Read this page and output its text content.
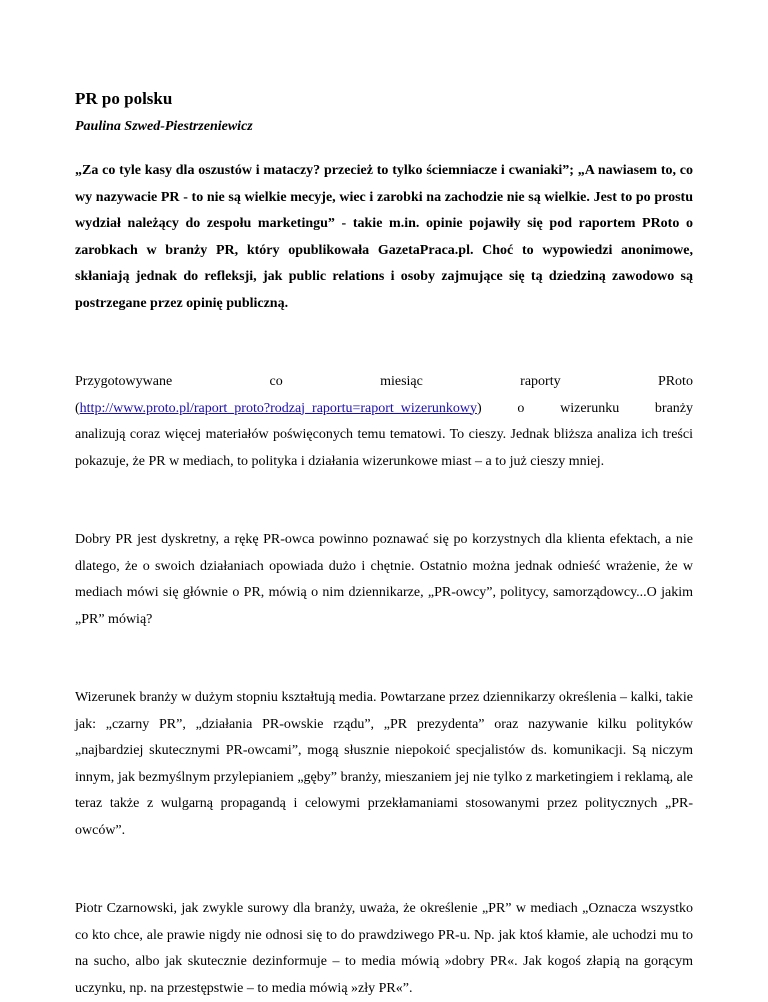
PR po polsku
Paulina Szwed-Piestrzeniewicz

„Za co tyle kasy dla oszustów i mataczy? przecież to tylko ściemniacze i cwaniaki”; „A nawiasem to, co wy nazywacie PR - to nie są wielkie mecyje, wiec i zarobki na zachodzie nie są wielkie. Jest to po prostu wydział należący do zespołu marketingu” - takie m.in. opinie pojawiły się pod raportem PRoto o zarobkach w branży PR, który opublikowała GazetaPraca.pl. Choć to wypowiedzi anonimowe, skłaniają jednak do refleksji, jak public relations i osoby zajmujące się tą dziedziną zawodowo są postrzegane przez opinię publiczną.

Przygotowywane	co	miesiąc	raporty	PRoto
(http://www.proto.pl/raport_proto?rodzaj_raportu=raport_wizerunkowy) o wizerunku branży

analizują coraz więcej materiałów poświęconych temu tematowi. To cieszy. Jednak bliższa analiza ich treści pokazuje, że PR w mediach, to polityka i działania wizerunkowe miast – a to już cieszy mniej.

Dobry PR jest dyskretny, a rękę PR-owca powinno poznawać się po korzystnych dla klienta efektach, a nie dlatego, że o swoich działaniach opowiada dużo i chętnie. Ostatnio można jednak odnieść wrażenie, że w mediach mówi się głównie o PR, mówią o nim dziennikarze, „PR-owcy”, politycy, samorządowcy...O jakim „PR” mówią?

Wizerunek branży w dużym stopniu kształtują media. Powtarzane przez dziennikarzy określenia – kalki, takie jak: „czarny PR”, „działania PR-owskie rządu”, „PR prezydenta” oraz nazywanie kilku polityków „najbardziej skutecznymi PR-owcami”, mogą słusznie niepokoić specjalistów ds. komunikacji. Są niczym innym, jak bezmyślnym przylepianiem „gęby” branży, mieszaniem jej nie tylko z marketingiem i reklamą, ale teraz także z wulgarną propagandą i celowymi przekłamaniami stosowanymi przez politycznych „PR-owców”.

Piotr Czarnowski, jak zwykle surowy dla branży, uważa, że określenie „PR” w mediach „Oznacza wszystko co kto chce, ale prawie nigdy nie odnosi się to do prawdziwego PR-u. Np. jak ktoś kłamie, ale uchodzi mu to na sucho, albo jak skutecznie dezinformuje – to media mówią »dobry PR«. Jak kogoś złapią na gorącym uczynku, np. na przestępstwie – to media mówią »zły PR«”.
